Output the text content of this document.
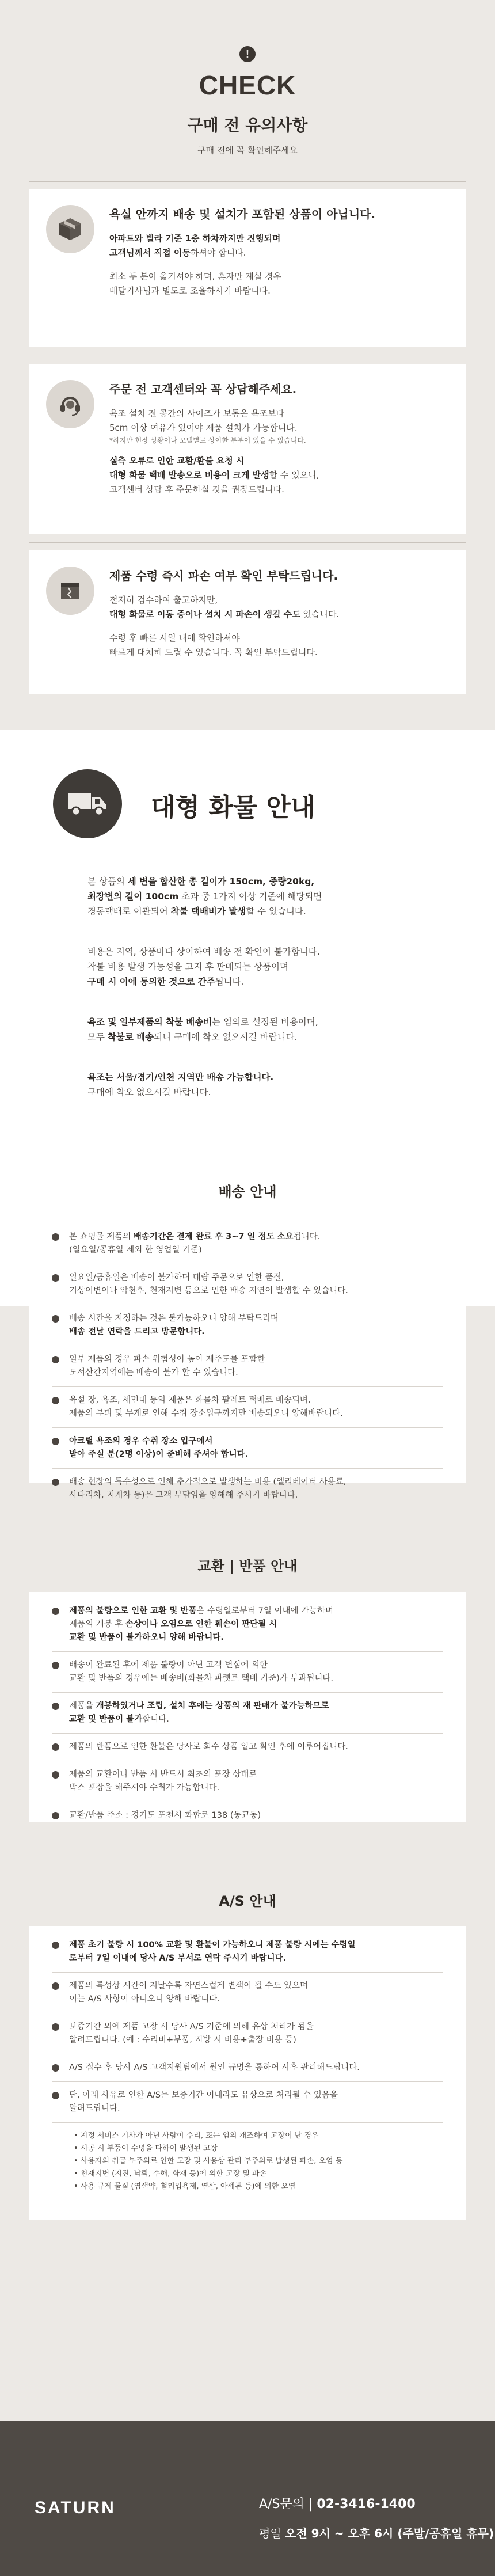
!
CHECK
구매 전 유의사항
구매 전에 꼭 확인해주세요
욕실 안까지 배송 및 설치가 포함된 상품이 아닙니다.
아파트와 빌라 기준 1층 하차까지만 진행되며
고객님께서 직접 이동하셔야 합니다.
최소 두 분이 옮기셔야 하며, 혼자만 계실 경우
배달기사님과 별도로 조율하시기 바랍니다.
주문 전 고객센터와 꼭 상담해주세요.
욕조 설치 전 공간의 사이즈가 보통은 욕조보다
5cm 이상 여유가 있어야 제품 설치가 가능합니다.
*하지만 현장 상황이나 모델별로 상이한 부분이 있을 수 있습니다.
실측 오류로 인한 교환/환불 요청 시
대형 화물 택배 발송으로 비용이 크게 발생할 수 있으니,
고객센터 상담 후 주문하실 것을 권장드립니다.
제품 수령 즉시 파손 여부 확인 부탁드립니다.
철저히 검수하여 출고하지만,
대형 화물로 이동 중이나 설치 시 파손이 생길 수도 있습니다.
수령 후 빠른 시일 내에 확인하셔야
빠르게 대처해 드릴 수 있습니다. 꼭 확인 부탁드립니다.
대형 화물 안내
본 상품의 세 변을 합산한 총 길이가 150cm, 중량20kg,
최장변의 길이 100cm 초과 중 1가지 이상 기준에 해당되면
경동택배로 이관되어 착불 택배비가 발생할 수 있습니다.
비용은 지역, 상품마다 상이하여 배송 전 확인이 불가합니다.
착불 비용 발생 가능성을 고지 후 판매되는 상품이며
구매 시 이에 동의한 것으로 간주됩니다.
욕조 및 일부제품의 착불 배송비는 임의로 설정된 비용이며,
모두 착불로 배송되니 구매에 착오 없으시길 바랍니다.
욕조는 서울/경기/인천 지역만 배송 가능합니다.
구매에 착오 없으시길 바랍니다.
배송 안내
본 쇼핑몰 제품의 배송기간은 결제 완료 후 3~7 일 정도 소요됩니다.
(일요일/공휴일 제외 한 영업일 기준)
일요일/공휴일은 배송이 불가하며 대량 주문으로 인한 품절,
기상이변이나 악천후, 천재지변 등으로 인한 배송 지연이 발생할 수 있습니다.
배송 시간을 지정하는 것은 불가능하오니 양해 부탁드리며
배송 전날 연락을 드리고 방문합니다.
일부 제품의 경우 파손 위험성이 높아 제주도를 포함한
도서산간지역에는 배송이 불가 할 수 있습니다.
육설 장, 욕조, 세면대 등의 제품은 화물차 팔레트 택배로 배송되며,
제품의 부피 및 무게로 인해 수취 장소입구까지만 배송되오니 양해바랍니다.
아크릴 욕조의 경우 수취 장소 입구에서
받아 주실 분(2명 이상)이 준비해 주셔야 합니다.
배송 현장의 특수성으로 인해 추가적으로 발생하는 비용 (엘리베이터 사용료,
사다리차, 지게차 등)은 고객 부담임을 양해해 주시기 바랍니다.
교환 | 반품 안내
제품의 불량으로 인한 교환 및 반품은 수령일로부터 7일 이내에 가능하며
제품의 개봉 후 손상이나 오염으로 인한 훼손이 판단될 시
교환 및 반품이 불가하오니 양해 바랍니다.
배송이 완료된 후에 제품 불량이 아닌 고객 변심에 의한
교환 및 반품의 경우에는 배송비(화물차 파렛트 택배 기준)가 부과됩니다.
제품을 개봉하였거나 조립, 설치 후에는 상품의 재 판매가 불가능하므로
교환 및 반품이 불가합니다.
제품의 반품으로 인한 환불은 당사로 회수 상품 입고 확인 후에 이루어집니다.
제품의 교환이나 반품 시 반드시 최초의 포장 상태로
박스 포장을 해주셔야 수취가 가능합니다.
교환/반품 주소 : 경기도 포천시 화합로 138 (동교동)
A/S 안내
제품 초기 불량 시 100% 교환 및 환불이 가능하오니 제품 불량 시에는 수령일
로부터 7일 이내에 당사 A/S 부서로 연락 주시기 바랍니다.
제품의 특성상 시간이 지날수록 자연스럽게 변색이 될 수도 있으며
이는 A/S 사항이 아니오니 양해 바랍니다.
보증기간 외에 제품 고장 시 당사 A/S 기준에 의해 유상 처리가 됨을
알려드립니다. (예 : 수리비+부품, 지방 시 비용+출장 비용 등)
A/S 접수 후 당사 A/S 고객지원팀에서 원인 규명을 통하여 사후 관리해드립니다.
단, 아래 사유로 인한 A/S는 보증기간 이내라도 유상으로 처리될 수 있음을
알려드립니다.
• 지정 서비스 기사가 아닌 사람이 수리, 또는 임의 개조하여 고장이 난 경우
• 시공 시 부품이 수명을 다하여 발생된 고장
• 사용자의 취급 부주의로 인한 고장 및 사용상 관리 부주의로 발생된 파손, 오염 등
• 천재지변 (지진, 낙뢰, 수해, 화재 등)에 의한 고장 및 파손
• 사용 규제 물질 (염색약, 철리입욕제, 염산, 아세톤 등)에 의한 오염
SATURN	A/S문의 | 02-3416-1400
평일 오전 9시 ~ 오후 6시 (주말/공휴일 휴무)
